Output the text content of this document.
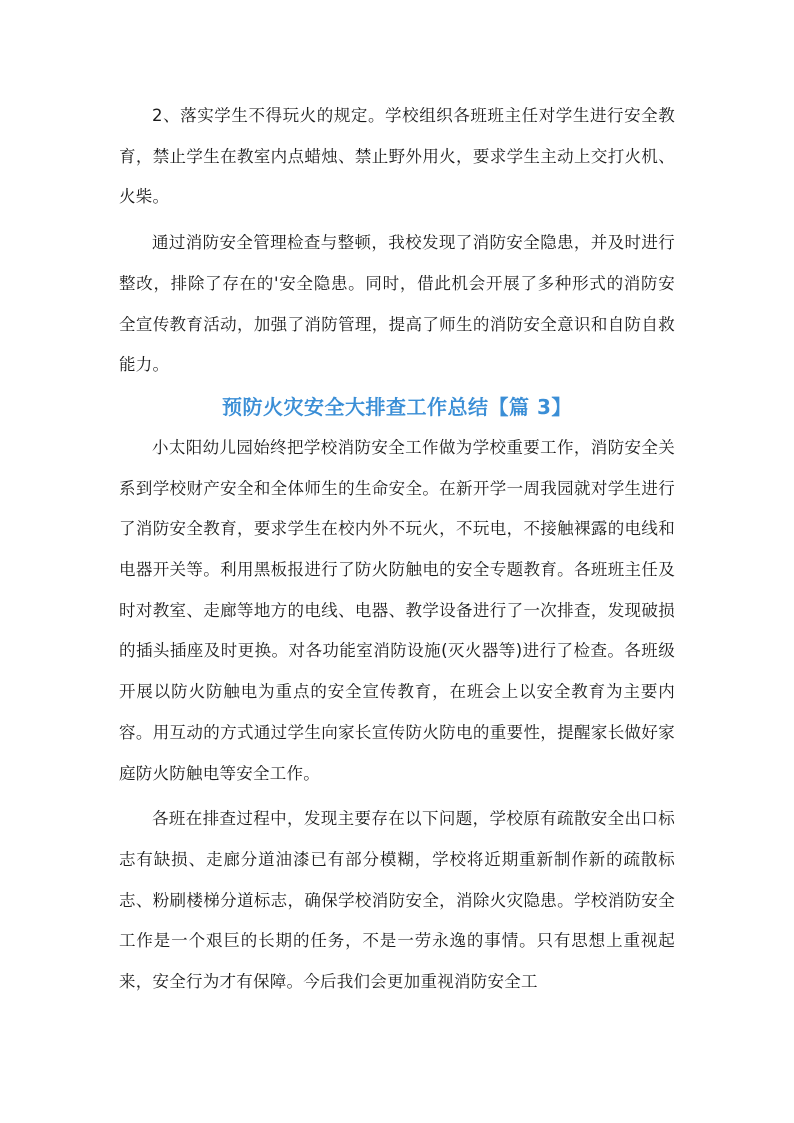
2、落实学生不得玩火的规定。学校组织各班班主任对学生进行安全教育，禁止学生在教室内点蜡烛、禁止野外用火，要求学生主动上交打火机、火柴。

通过消防安全管理检查与整顿，我校发现了消防安全隐患，并及时进行整改，排除了存在的'安全隐患。同时，借此机会开展了多种形式的消防安全宣传教育活动，加强了消防管理，提高了师生的消防安全意识和自防自救能力。

预防火灾安全大排查工作总结【篇 3】

小太阳幼儿园始终把学校消防安全工作做为学校重要工作，消防安全关系到学校财产安全和全体师生的生命安全。在新开学一周我园就对学生进行了消防安全教育，要求学生在校内外不玩火，不玩电，不接触裸露的电线和电器开关等。利用黑板报进行了防火防触电的安全专题教育。各班班主任及时对教室、走廊等地方的电线、电器、教学设备进行了一次排查，发现破损的插头插座及时更换。对各功能室消防设施(灭火器等)进行了检查。各班级开展以防火防触电为重点的安全宣传教育，在班会上以安全教育为主要内容。用互动的方式通过学生向家长宣传防火防电的重要性，提醒家长做好家庭防火防触电等安全工作。

各班在排查过程中，发现主要存在以下问题，学校原有疏散安全出口标志有缺损、走廊分道油漆已有部分模糊，学校将近期重新制作新的疏散标志、粉刷楼梯分道标志，确保学校消防安全，消除火灾隐患。学校消防安全工作是一个艰巨的长期的任务，不是一劳永逸的事情。只有思想上重视起来，安全行为才有保障。今后我们会更加重视消防安全工
